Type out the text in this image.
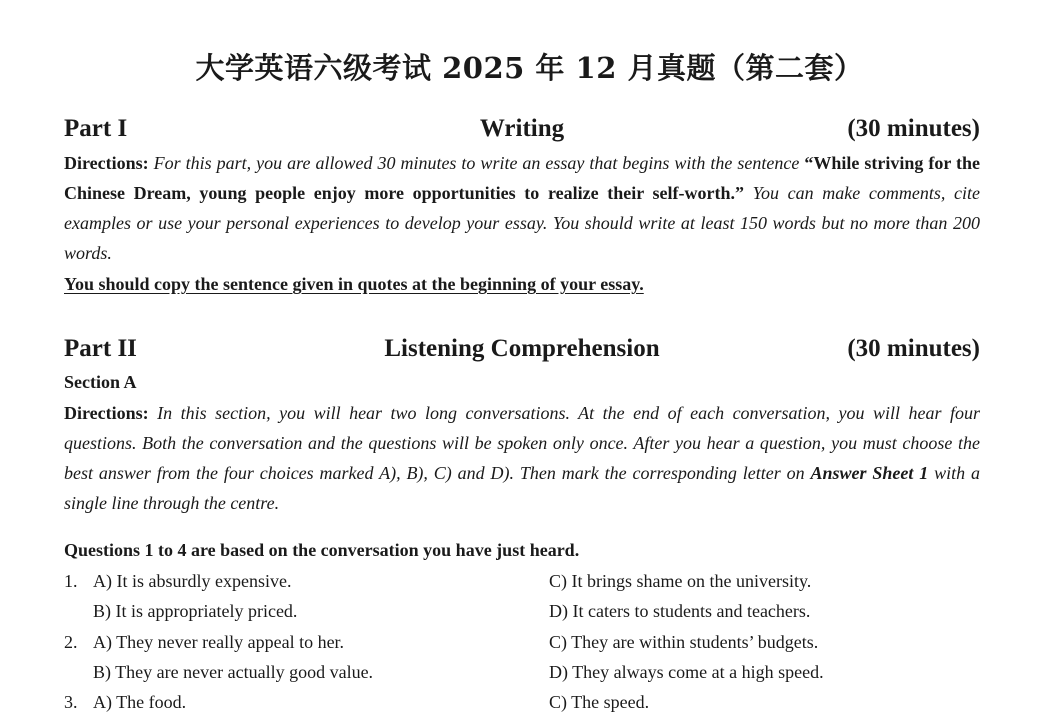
大学英语六级考试 2025 年 12 月真题（第二套）
Writing
Part I	(30 minutes)
Directions: For this part, you are allowed 30 minutes to write an essay that begins with the sentence “While striving for the Chinese Dream, young people enjoy more opportunities to realize their self-worth.” You can make comments, cite examples or use your personal experiences to develop your essay. You should write at least 150 words but no more than 200 words.
You should copy the sentence given in quotes at the beginning of your essay.
Listening Comprehension
Part II	(30 minutes)
Section A
Directions: In this section, you will hear two long conversations. At the end of each conversation, you will hear four questions. Both the conversation and the questions will be spoken only once. After you hear a question, you must choose the best answer from the four choices marked A), B), C) and D). Then mark the corresponding letter on Answer Sheet 1 with a single line through the centre.
Questions 1 to 4 are based on the conversation you have just heard.
1. A) It is absurdly expensive.	C) It brings shame on the university.
B) It is appropriately priced.	D) It caters to students and teachers.
2. A) They never really appeal to her.	C) They are within students’ budgets.
B) They are never actually good value.	D) They always come at a high speed.
3. A) The food.	C) The speed.
